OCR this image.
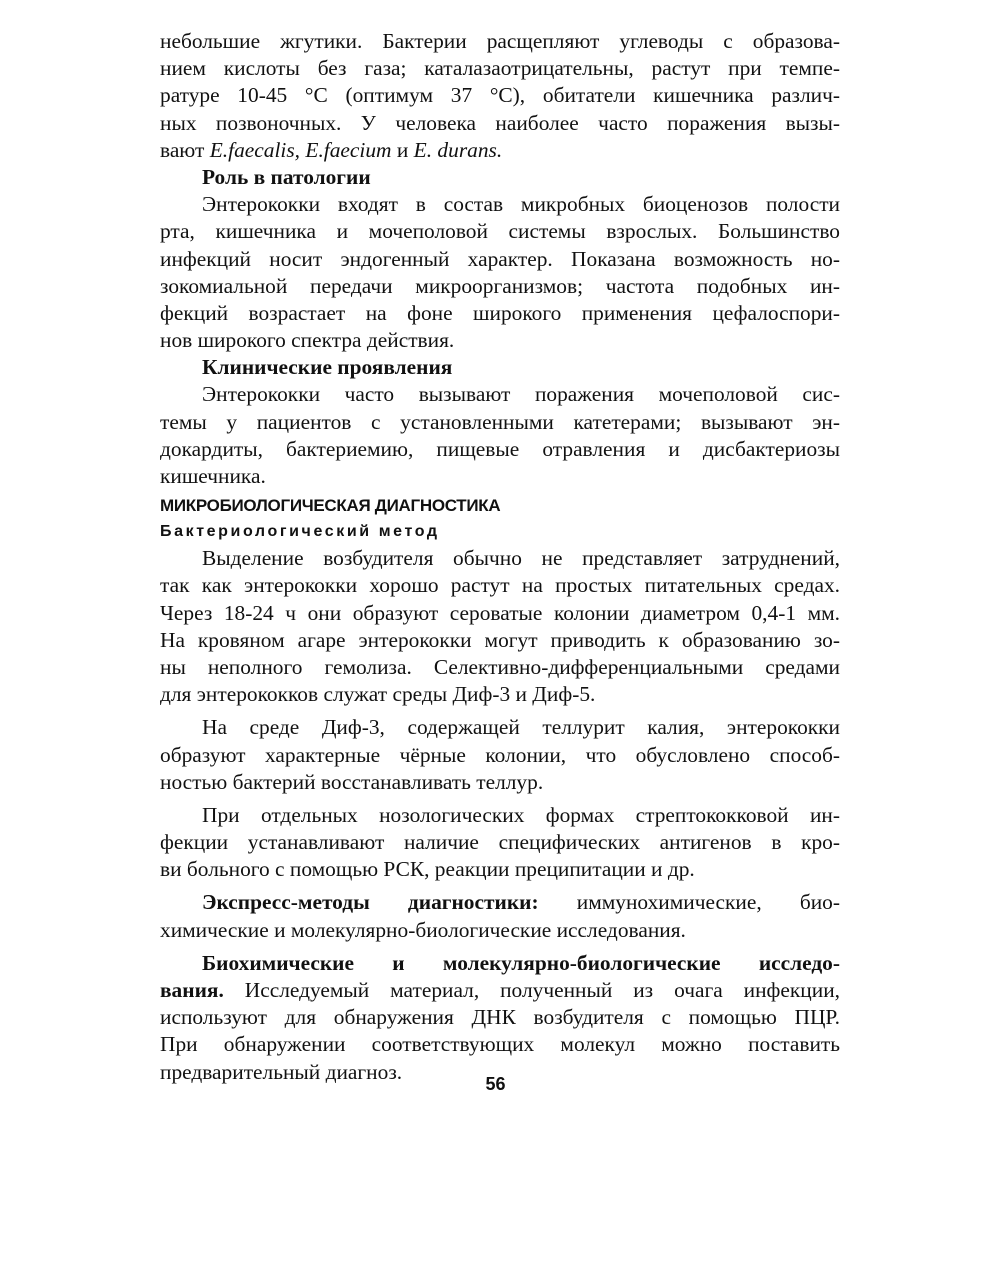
небольшие жгутики. Бактерии расщепляют углеводы с образова-
нием кислоты без газа; каталазаотрицательны, растут при темпе-
ратуре 10-45 °С (оптимум 37 °С), обитатели кишечника различ-
ных позвоночных. У человека наиболее часто поражения вызы-
вают E.faecalis, E.faecium и E. durans.
Роль в патологии
Энтерококки входят в состав микробных биоценозов полости
рта, кишечника и мочеполовой системы взрослых. Большинство
инфекций носит эндогенный характер. Показана возможность но-
зокомиальной передачи микроорганизмов; частота подобных ин-
фекций возрастает на фоне широкого применения цефалоспори-
нов широкого спектра действия.
Клинические проявления
Энтерококки часто вызывают поражения мочеполовой сис-
темы у пациентов с установленными катетерами; вызывают эн-
докардиты, бактериемию, пищевые отравления и дисбактериозы
кишечника.
МИКРОБИОЛОГИЧЕСКАЯ ДИАГНОСТИКА
Бактериологический метод
Выделение возбудителя обычно не представляет затруднений,
так как энтерококки хорошо растут на простых питательных средах.
Через 18-24 ч они образуют сероватые колонии диаметром 0,4-1 мм.
На кровяном агаре энтерококки могут приводить к образованию зо-
ны неполного гемолиза. Селективно-дифференциальными средами
для энтерококков служат среды Диф-3 и Диф-5.
На среде Диф-3, содержащей теллурит калия, энтерококки
образуют характерные чёрные колонии, что обусловлено способ-
ностью бактерий восстанавливать теллур.
При отдельных нозологических формах стрептококковой ин-
фекции устанавливают наличие специфических антигенов в кро-
ви больного с помощью РСК, реакции преципитации и др.
Экспресс-методы диагностики: иммунохимические, био-
химические и молекулярно-биологические исследования.
Биохимические и молекулярно-биологические исследо-
вания. Исследуемый материал, полученный из очага инфекции,
используют для обнаружения ДНК возбудителя с помощью ПЦР.
При обнаружении соответствующих молекул можно поставить
предварительный диагноз.
56
